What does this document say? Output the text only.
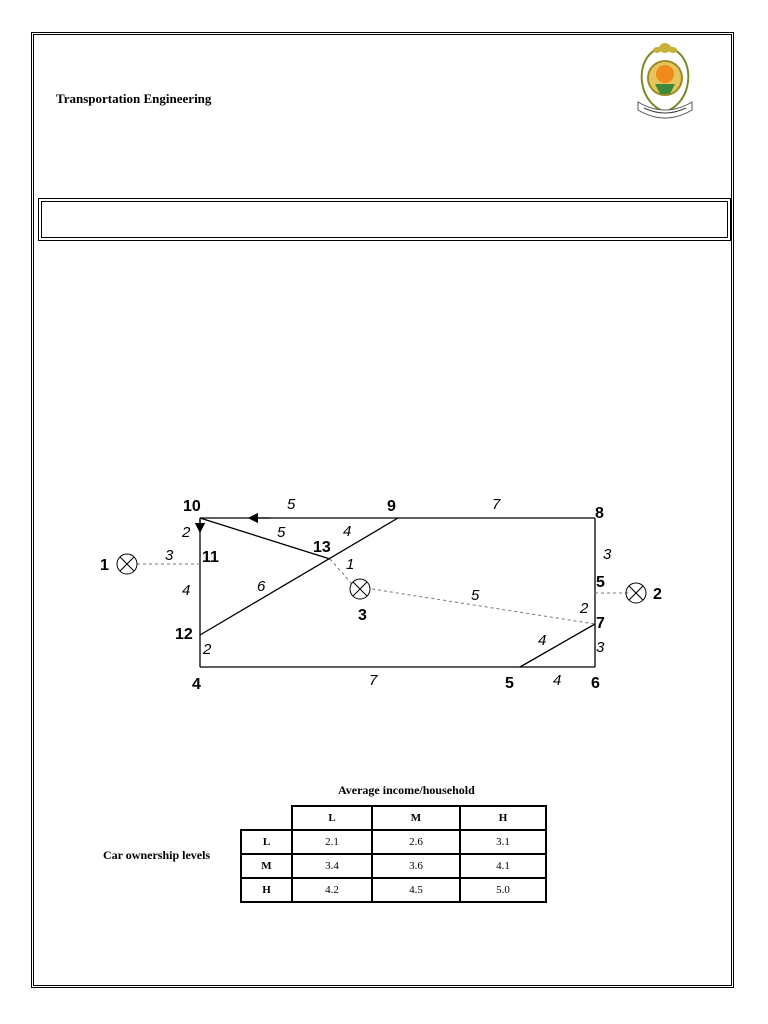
Transportation Engineering
10	9	8
11
13
12
4	5	6
7
5
1
2
3
5	7
5	4
2
3
1
4	6
5
3
2
4	3
2
7	4
Average income/household
Car ownership levels
	L	M	H
L	2.1	2.6	3.1
M	3.4	3.6	4.1
H	4.2	4.5	5.0
